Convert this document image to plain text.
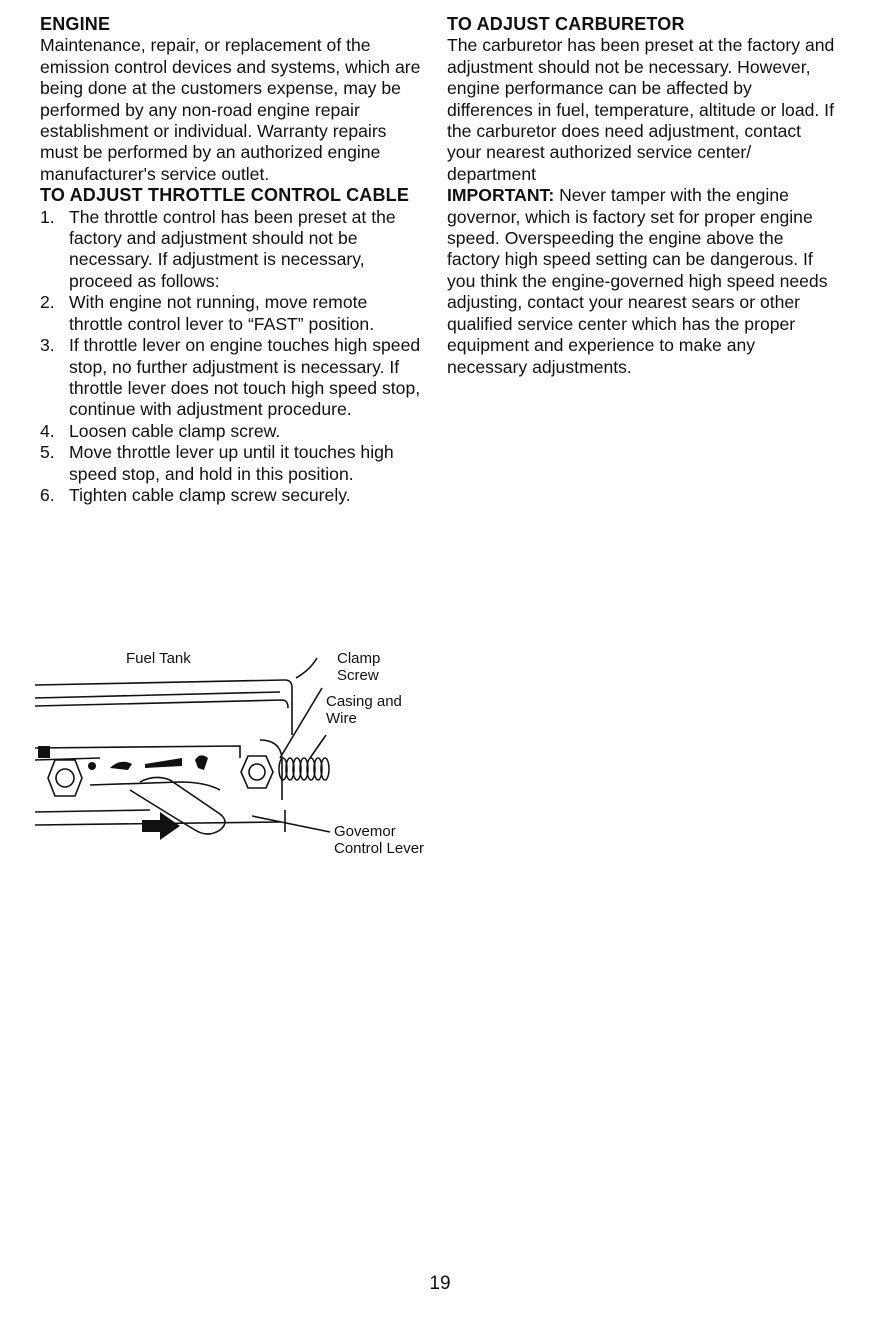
ENGINE

Maintenance, repair, or replacement of the emission control devices and systems, which are being done at the customers expense, may be performed by any non-road engine repair establishment or individual. Warranty repairs must be performed by an authorized engine manufacturer's service outlet.

TO ADJUST THROTTLE CONTROL CABLE
1. The throttle control has been preset at the factory and adjustment should not be necessary. If adjustment is necessary, proceed as follows:
2. With engine not running, move remote throttle control lever to “FAST” position.
3. If throttle lever on engine touches high speed stop, no further adjustment is necessary. If throttle lever does not touch high speed stop, continue with adjustment procedure.
4. Loosen cable clamp screw.
5. Move throttle lever up until it touches high speed stop, and hold in this position.
6. Tighten cable clamp screw securely.
Fuel Tank	Clamp Screw
Casing and Wire
Govemor Control Lever
TO ADJUST CARBURETOR

The carburetor has been preset at the factory and adjustment should not be necessary. However, engine performance can be affected by differences in fuel, temperature, altitude or load. If the carburetor does need adjustment, contact your nearest authorized service center/ department

IMPORTANT: Never tamper with the engine governor, which is factory set for proper engine speed. Overspeeding the engine above the factory high speed setting can be dangerous. If you think the engine-governed high speed needs adjusting, contact your nearest sears or other qualified service center which has the proper equipment and experience to make any necessary adjustments.

19
